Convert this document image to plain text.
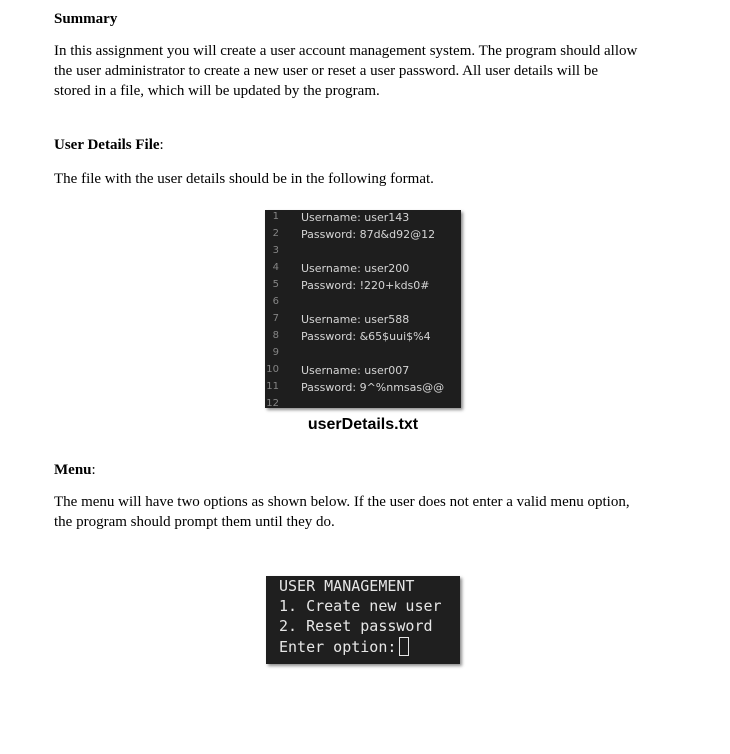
Summary

In this assignment you will create a user account management system. The program should allow

the user administrator to create a new user or reset a user password. All user details will be

stored in a file, which will be updated by the program.

User Details File:

The file with the user details should be in the following format.

1 Username: user143
2 Password: 87d&d92@12
3
4 Username: user200
5 Password: !220+kds0#
6
7 Username: user588
8 Password: &65$uui$%4
9
10 Username: user007
11 Password: 9^%nmsas@@
12
userDetails.txt
Menu:

The menu will have two options as shown below. If the user does not enter a valid menu option,

the program should prompt them until they do.

USER MANAGEMENT
1. Create new user
2. Reset password
Enter option:
